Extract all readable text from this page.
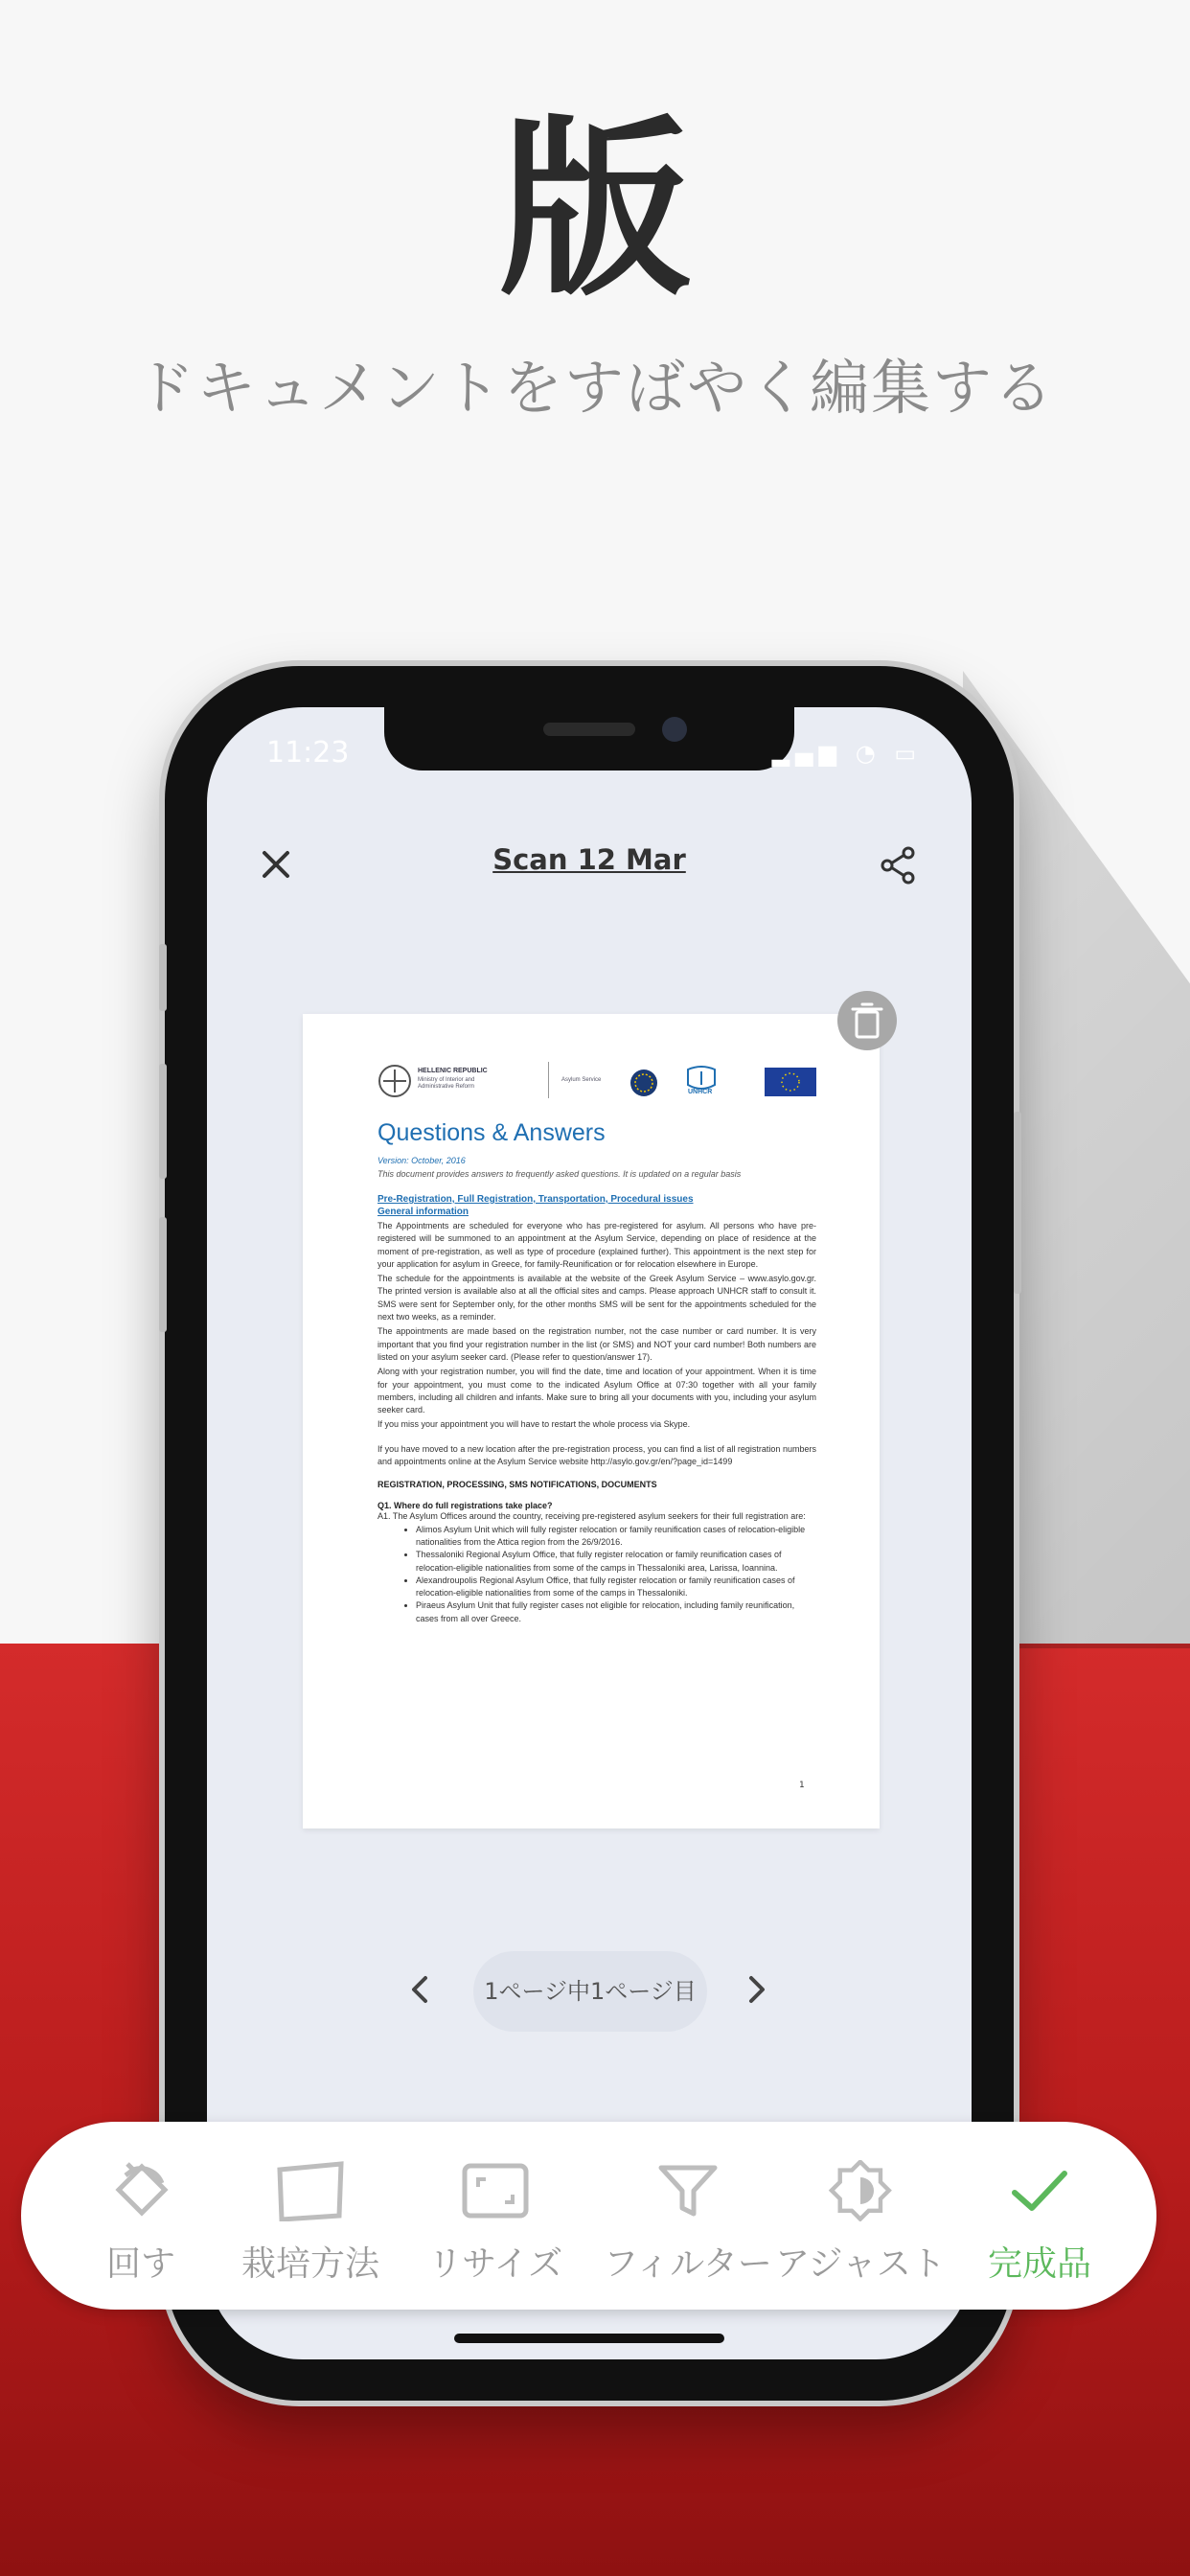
版
ドキュメントをすばやく編集する
11:23	▂▄▆ ◔ ▭
Scan 12 Mar
HELLENIC REPUBLIC
Ministry of Interior and Administrative Reform
Asylum Service
UNHCR
Questions & Answers
Version: October, 2016
This document provides answers to frequently asked questions. It is updated on a regular basis
Pre-Registration, Full Registration, Transportation, Procedural issues
General information
The Appointments are scheduled for everyone who has pre-registered for asylum. All persons who have pre-registered will be summoned to an appointment at the Asylum Service, depending on place of residence at the moment of pre-registration, as well as type of procedure (explained further). This appointment is the next step for your application for asylum in Greece, for family-Reunification or for relocation elsewhere in Europe.
The schedule for the appointments is available at the website of the Greek Asylum Service – www.asylo.gov.gr. The printed version is available also at all the official sites and camps. Please approach UNHCR staff to consult it. SMS were sent for September only, for the other months SMS will be sent for the appointments scheduled for the next two weeks, as a reminder.
The appointments are made based on the registration number, not the case number or card number. It is very important that you find your registration number in the list (or SMS) and NOT your card number! Both numbers are listed on your asylum seeker card. (Please refer to question/answer 17).
Along with your registration number, you will find the date, time and location of your appointment. When it is time for your appointment, you must come to the indicated Asylum Office at 07:30 together with all your family members, including all children and infants. Make sure to bring all your documents with you, including your asylum seeker card.
If you miss your appointment you will have to restart the whole process via Skype.
If you have moved to a new location after the pre-registration process, you can find a list of all registration numbers and appointments online at the Asylum Service website http://asylo.gov.gr/en/?page_id=1499
REGISTRATION, PROCESSING, SMS NOTIFICATIONS, DOCUMENTS
Q1. Where do full registrations take place?
A1. The Asylum Offices around the country, receiving pre-registered asylum seekers for their full registration are:
• Alimos Asylum Unit which will fully register relocation or family reunification cases of relocation-eligible nationalities from the Attica region from the 26/9/2016.
• Thessaloniki Regional Asylum Office, that fully register relocation or family reunification cases of relocation-eligible nationalities from some of the camps in Thessaloniki area, Larissa, Ioannina.
• Alexandroupolis Regional Asylum Office, that fully register relocation or family reunification cases of relocation-eligible nationalities from some of the camps in Thessaloniki.
• Piraeus Asylum Unit that fully register cases not eligible for relocation, including family reunification, cases from all over Greece.
1
1ページ中1ページ目
回す	栽培方法 リサイズ フィルター アジャスト	完成品
